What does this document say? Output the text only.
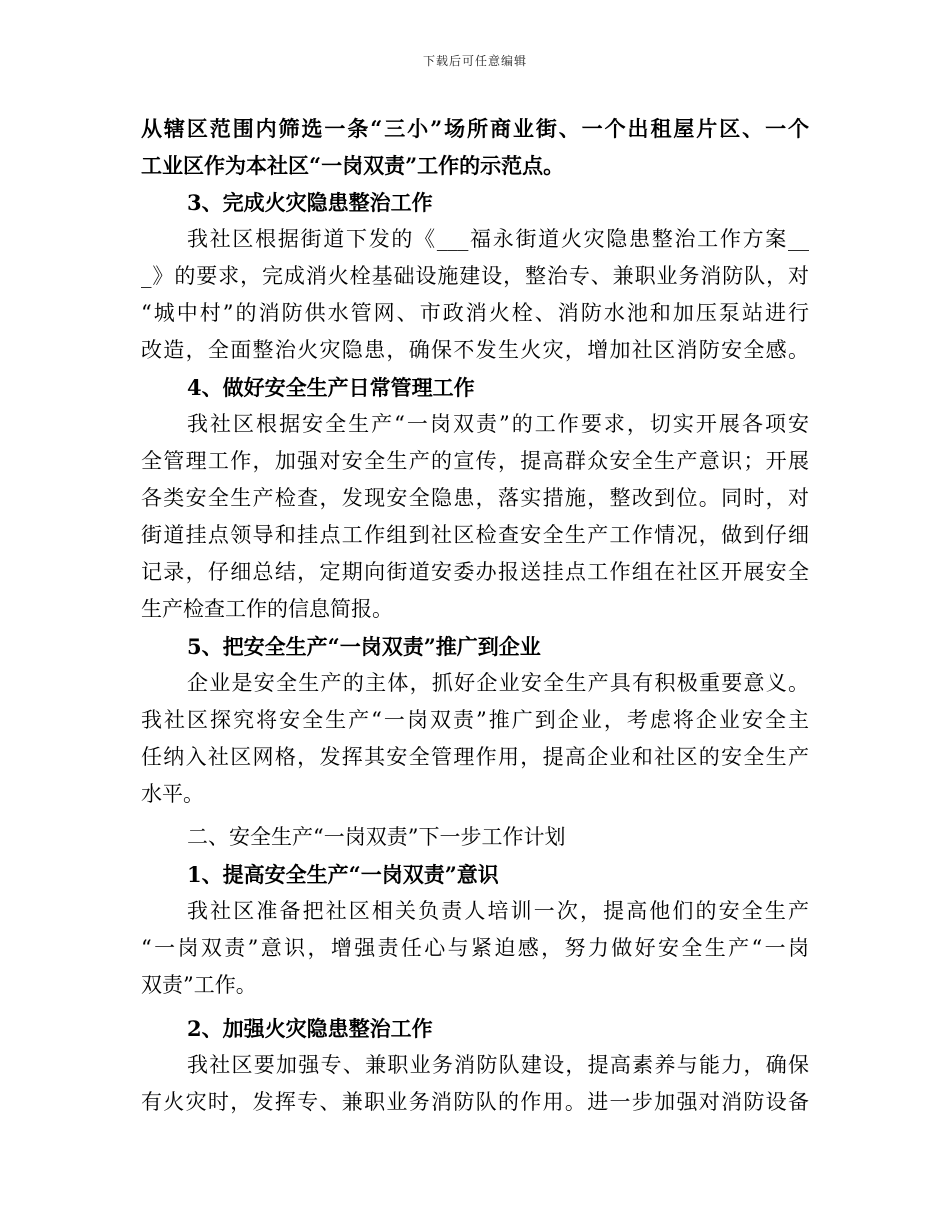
下载后可任意编辑
从辖区范围内筛选一条“三小”场所商业街、一个出租屋片区、一个
工业区作为本社区“一岗双责”工作的示范点。
3、完成火灾隐患整治工作
我社区根据街道下发的《___福永街道火灾隐患整治工作方案__
_》的要求，完成消火栓基础设施建设，整治专、兼职业务消防队，对
“城中村”的消防供水管网、市政消火栓、消防水池和加压泵站进行
改造，全面整治火灾隐患，确保不发生火灾，增加社区消防安全感。
4、做好安全生产日常管理工作
我社区根据安全生产“一岗双责”的工作要求，切实开展各项安
全管理工作，加强对安全生产的宣传，提高群众安全生产意识；开展
各类安全生产检查，发现安全隐患，落实措施，整改到位。同时，对
街道挂点领导和挂点工作组到社区检查安全生产工作情况，做到仔细
记录，仔细总结，定期向街道安委办报送挂点工作组在社区开展安全
生产检查工作的信息简报。
5、把安全生产“一岗双责”推广到企业
企业是安全生产的主体，抓好企业安全生产具有积极重要意义。
我社区探究将安全生产“一岗双责”推广到企业，考虑将企业安全主
任纳入社区网格，发挥其安全管理作用，提高企业和社区的安全生产
水平。
二、安全生产“一岗双责”下一步工作计划
1、提高安全生产“一岗双责”意识
我社区准备把社区相关负责人培训一次，提高他们的安全生产
“一岗双责”意识，增强责任心与紧迫感，努力做好安全生产“一岗
双责”工作。
2、加强火灾隐患整治工作
我社区要加强专、兼职业务消防队建设，提高素养与能力，确保
有火灾时，发挥专、兼职业务消防队的作用。进一步加强对消防设备
